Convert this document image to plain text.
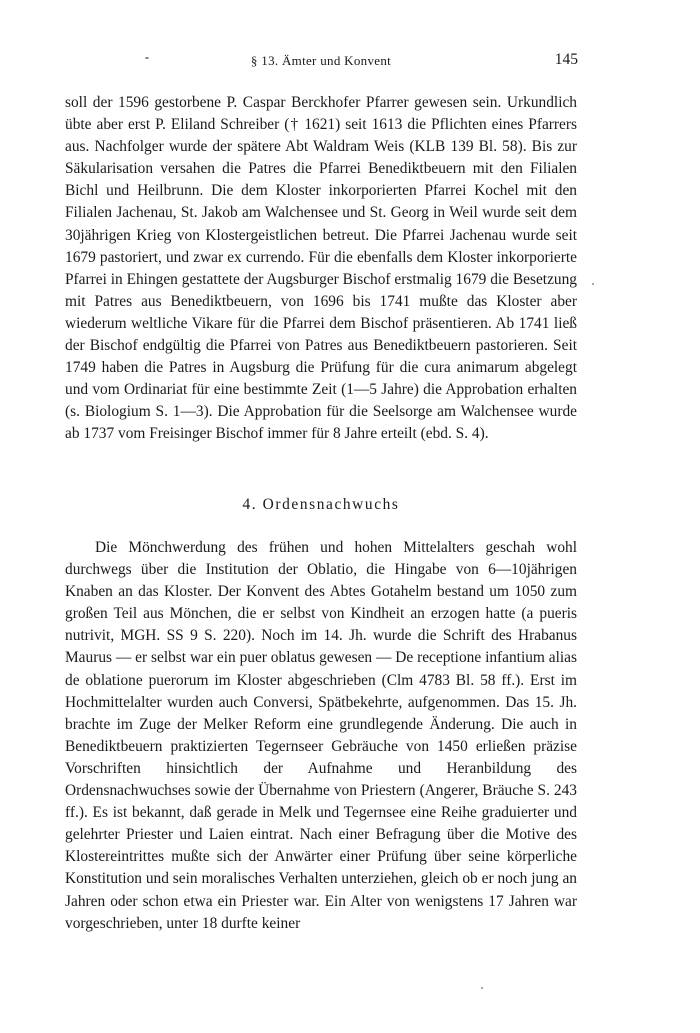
§ 13. Ämter und Konvent	145

soll der 1596 gestorbene P. Caspar Berckhofer Pfarrer gewesen sein. Urkundlich übte aber erst P. Eliland Schreiber († 1621) seit 1613 die Pflichten eines Pfarrers aus. Nachfolger wurde der spätere Abt Waldram Weis (KLB 139 Bl. 58). Bis zur Säkularisation versahen die Patres die Pfarrei Benediktbeuern mit den Filialen Bichl und Heilbrunn. Die dem Kloster inkorporierten Pfarrei Kochel mit den Filialen Jachenau, St. Jakob am Walchensee und St. Georg in Weil wurde seit dem 30jährigen Krieg von Klostergeistlichen betreut. Die Pfarrei Jachenau wurde seit 1679 pastoriert, und zwar ex currendo. Für die ebenfalls dem Kloster inkorporierte Pfarrei in Ehingen gestattete der Augsburger Bischof erstmalig 1679 die Besetzung mit Patres aus Benediktbeuern, von 1696 bis 1741 mußte das Kloster aber wiederum weltliche Vikare für die Pfarrei dem Bischof präsentieren. Ab 1741 ließ der Bischof endgültig die Pfarrei von Patres aus Benediktbeuern pastorieren. Seit 1749 haben die Patres in Augsburg die Prüfung für die cura animarum abgelegt und vom Ordinariat für eine bestimmte Zeit (1—5 Jahre) die Approbation erhalten (s. Biologium S. 1—3). Die Approbation für die Seelsorge am Walchensee wurde ab 1737 vom Freisinger Bischof immer für 8 Jahre erteilt (ebd. S. 4).

4. Ordensnachwuchs

Die Mönchwerdung des frühen und hohen Mittelalters geschah wohl durchwegs über die Institution der Oblatio, die Hingabe von 6—10jährigen Knaben an das Kloster. Der Konvent des Abtes Gotahelm bestand um 1050 zum großen Teil aus Mönchen, die er selbst von Kindheit an erzogen hatte (a pueris nutrivit, MGH. SS 9 S. 220). Noch im 14. Jh. wurde die Schrift des Hrabanus Maurus — er selbst war ein puer oblatus gewesen — De receptione infantium alias de oblatione puerorum im Kloster abgeschrieben (Clm 4783 Bl. 58 ff.). Erst im Hochmittelalter wurden auch Conversi, Spätbekehrte, aufgenommen. Das 15. Jh. brachte im Zuge der Melker Reform eine grundlegende Änderung. Die auch in Benediktbeuern praktizierten Tegernseer Gebräuche von 1450 erließen präzise Vorschriften hinsichtlich der Aufnahme und Heranbildung des Ordensnachwuchses sowie der Übernahme von Priestern (Angerer, Bräuche S. 243 ff.). Es ist bekannt, daß gerade in Melk und Tegernsee eine Reihe graduierter und gelehrter Priester und Laien eintrat. Nach einer Befragung über die Motive des Klostereintrittes mußte sich der Anwärter einer Prüfung über seine körperliche Konstitution und sein moralisches Verhalten unterziehen, gleich ob er noch jung an Jahren oder schon etwa ein Priester war. Ein Alter von wenigstens 17 Jahren war vorgeschrieben, unter 18 durfte keiner
